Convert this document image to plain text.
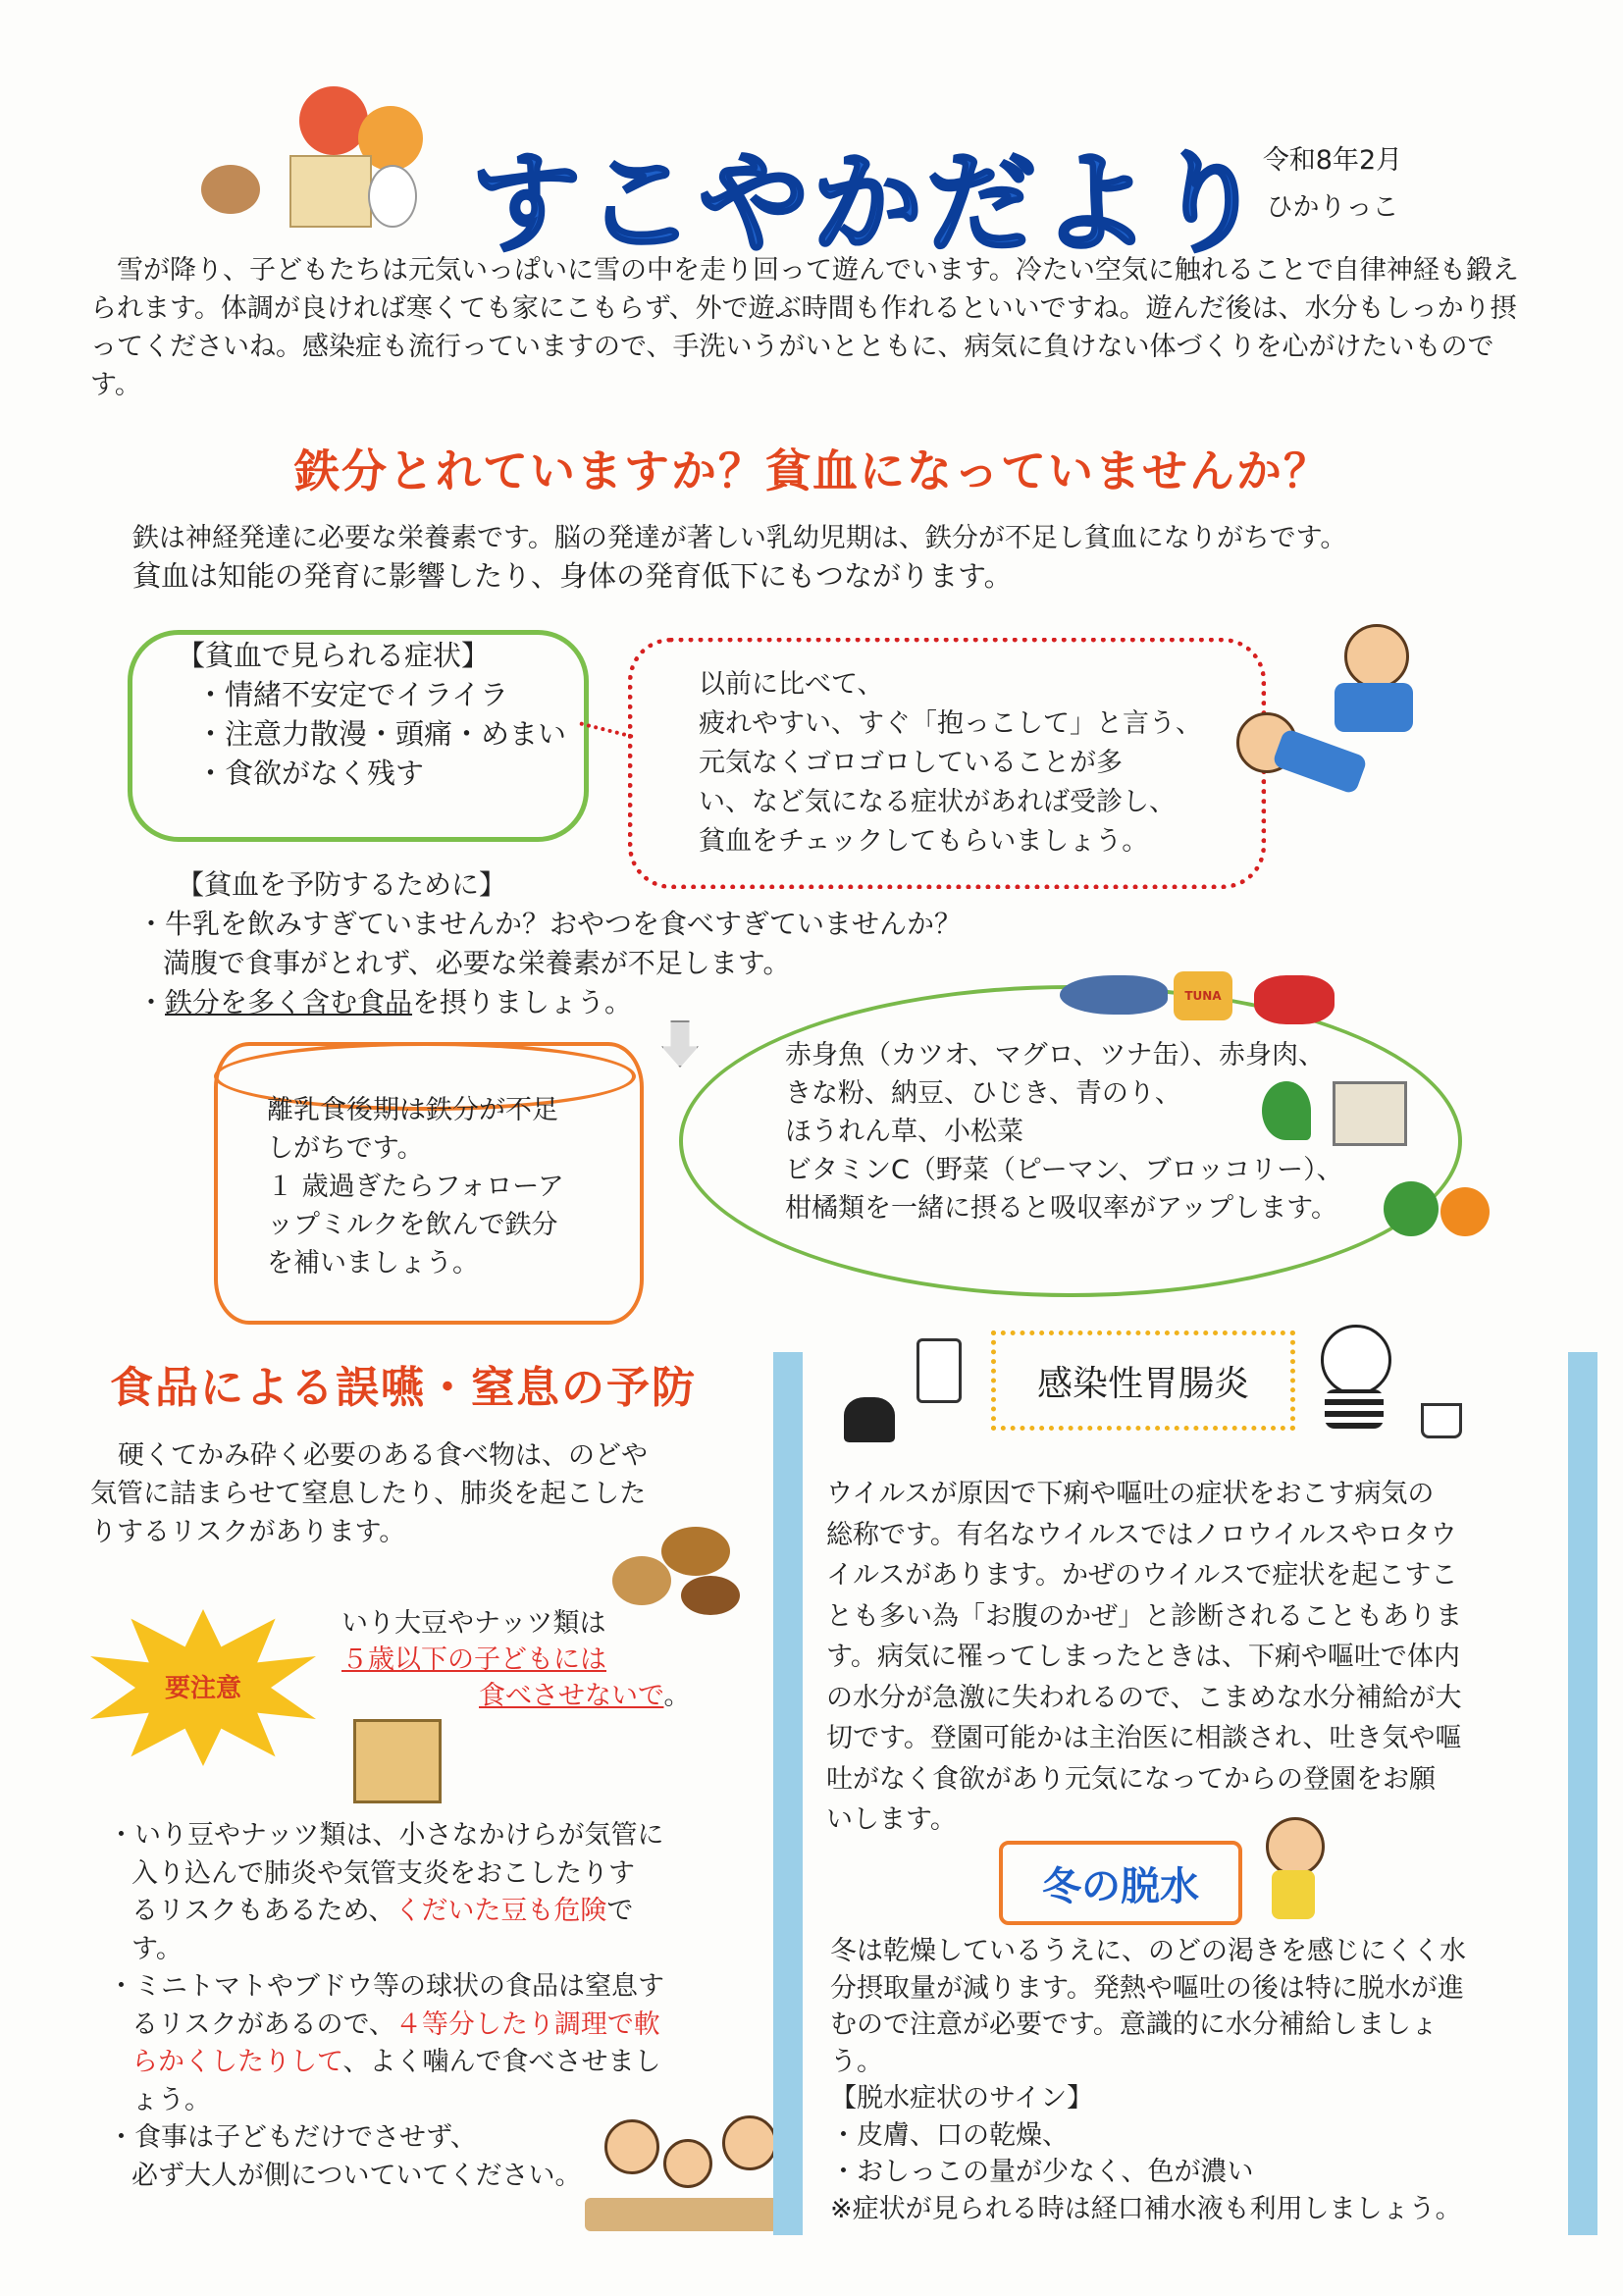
すこやかだより
令和8年2月
ひかりっこ
雪が降り、子どもたちは元気いっぱいに雪の中を走り回って遊んでいます。冷たい空気に触れることで自律神経も鍛えられます。体調が良ければ寒くても家にこもらず、外で遊ぶ時間も作れるといいですね。遊んだ後は、水分もしっかり摂ってくださいね。感染症も流行っていますので、手洗いうがいとともに、病気に負けない体づくりを心がけたいものです。
鉄分とれていますか？貧血になっていませんか？
鉄は神経発達に必要な栄養素です。脳の発達が著しい乳幼児期は、鉄分が不足し貧血になりがちです。
貧血は知能の発育に影響したり、身体の発育低下にもつながります。
【貧血で見られる症状】
・情緒不安定でイライラ
・注意力散漫・頭痛・めまい
・食欲がなく残す
以前に比べて、
疲れやすい、すぐ「抱っこして」と言う、
元気なくゴロゴロしていることが多
い、など気になる症状があれば受診し、
貧血をチェックしてもらいましょう。
【貧血を予防するために】
・牛乳を飲みすぎていませんか？おやつを食べすぎていませんか？
満腹で食事がとれず、必要な栄養素が不足します。
・鉄分を多く含む食品を摂りましょう。
離乳食後期は鉄分が不足
しがちです。
１ 歳過ぎたらフォローア
ップミルクを飲んで鉄分
を補いましょう。
赤身魚（カツオ、マグロ、ツナ缶）、赤身肉、
きな粉、納豆、ひじき、青のり、
ほうれん草、小松菜
ビタミンC（野菜（ピーマン、ブロッコリー）、
柑橘類を一緒に摂ると吸収率がアップします。
TUNA
食品による誤嚥・窒息の予防
硬くてかみ砕く必要のある食べ物は、のどや
気管に詰まらせて窒息したり、肺炎を起こした
りするリスクがあります。
要注意
いり大豆やナッツ類は
５歳以下の子どもには
食べさせないで。
・いり豆やナッツ類は、小さなかけらが気管に
入り込んで肺炎や気管支炎をおこしたりす
るリスクもあるため、くだいた豆も危険で
す。
・ミニトマトやブドウ等の球状の食品は窒息す
るリスクがあるので、４等分したり調理で軟
らかくしたりして、よく噛んで食べさせまし
ょう。
・食事は子どもだけでさせず、
必ず大人が側についていてください。
感染性胃腸炎
ウイルスが原因で下痢や嘔吐の症状をおこす病気の
総称です。有名なウイルスではノロウイルスやロタウ
イルスがあります。かぜのウイルスで症状を起こすこ
とも多い為「お腹のかぜ」と診断されることもありま
す。病気に罹ってしまったときは、下痢や嘔吐で体内
の水分が急激に失われるので、こまめな水分補給が大
切です。登園可能かは主治医に相談され、吐き気や嘔
吐がなく食欲があり元気になってからの登園をお願
いします。
冬の脱水
冬は乾燥しているうえに、のどの渇きを感じにくく水
分摂取量が減ります。発熱や嘔吐の後は特に脱水が進
むので注意が必要です。意識的に水分補給しましょ
う。
【脱水症状のサイン】
・皮膚、口の乾燥、
・おしっこの量が少なく、色が濃い
※症状が見られる時は経口補水液も利用しましょう。
